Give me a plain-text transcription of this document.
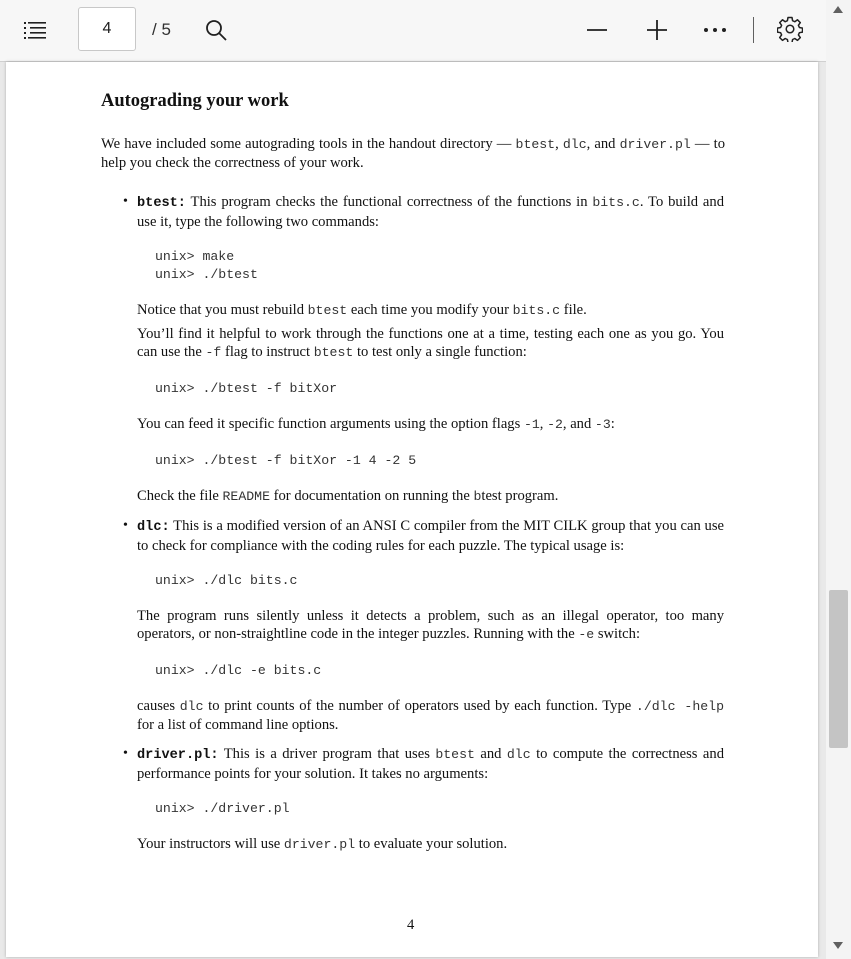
4	/ 5
Autograding your work
We have included some autograding tools in the handout directory — btest, dlc, and driver.pl — to help you check the correctness of your work.
• btest: This program checks the functional correctness of the functions in bits.c. To build and use it, type the following two commands:
unix> make
unix> ./btest
Notice that you must rebuild btest each time you modify your bits.c file.
You’ll find it helpful to work through the functions one at a time, testing each one as you go. You can use the -f flag to instruct btest to test only a single function:
unix> ./btest -f bitXor
You can feed it specific function arguments using the option flags -1, -2, and -3:
unix> ./btest -f bitXor -1 4 -2 5
Check the file README for documentation on running the btest program.
• dlc: This is a modified version of an ANSI C compiler from the MIT CILK group that you can use to check for compliance with the coding rules for each puzzle. The typical usage is:
unix> ./dlc bits.c
The program runs silently unless it detects a problem, such as an illegal operator, too many operators, or non-straightline code in the integer puzzles. Running with the -e switch:
unix> ./dlc -e bits.c
causes dlc to print counts of the number of operators used by each function. Type ./dlc -help for a list of command line options.
• driver.pl: This is a driver program that uses btest and dlc to compute the correctness and performance points for your solution. It takes no arguments:
unix> ./driver.pl
Your instructors will use driver.pl to evaluate your solution.
4
